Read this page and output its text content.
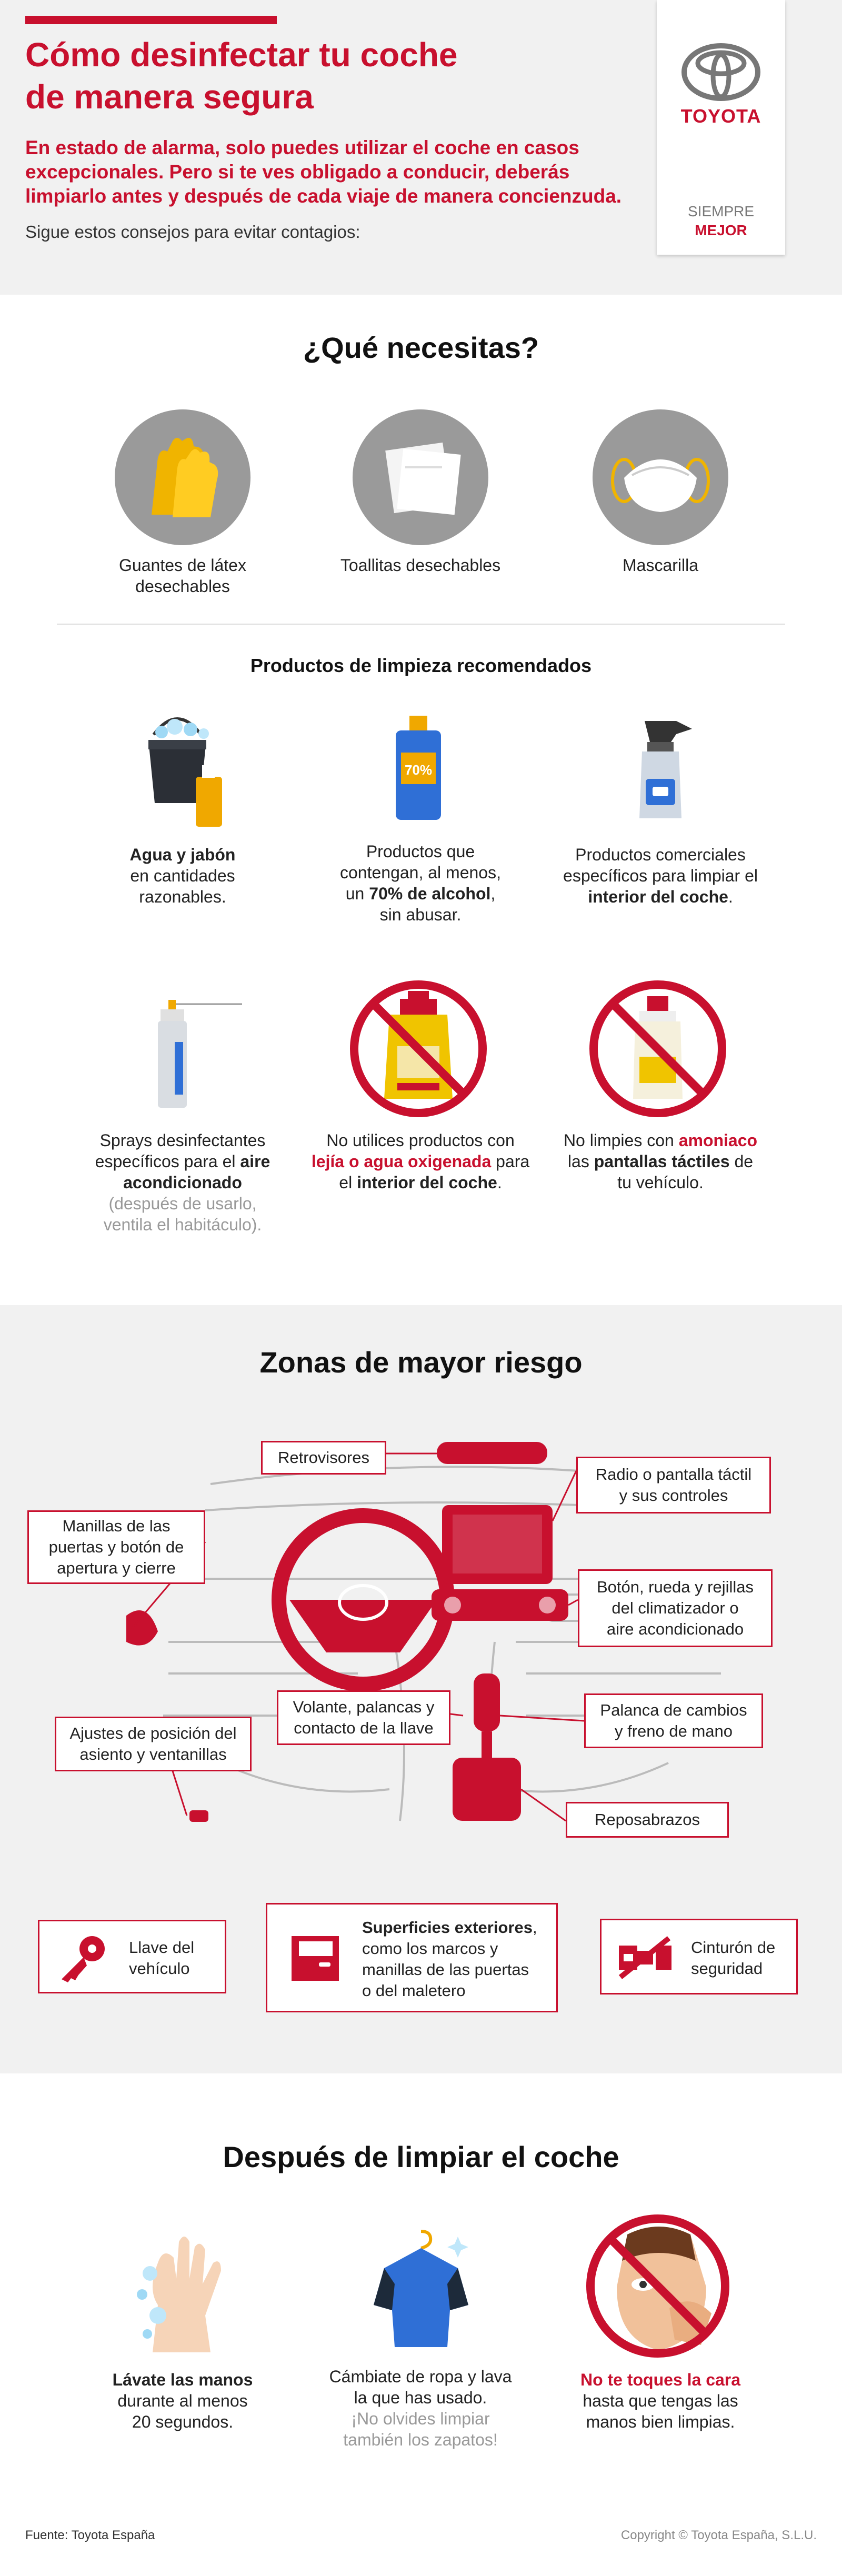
Cómo desinfectar tu coche
de manera segura
En estado de alarma, solo puedes utilizar el coche en casos
excepcionales. Pero si te ves obligado a conducir, deberás
limpiarlo antes y después de cada viaje de manera concienzuda.
Sigue estos consejos para evitar contagios:
TOYOTA
SIEMPRE
MEJOR
¿Qué necesitas?
Guantes de látex
desechables
Toallitas desechables	Mascarilla
Productos de limpieza recomendados
70%
Agua y jabón
en cantidades
razonables.
Productos que
contengan, al menos,
un 70% de alcohol,
sin abusar.
Productos comerciales
específicos para limpiar el
interior del coche.
Sprays desinfectantes
específicos para el aire
acondicionado
(después de usarlo,
ventila el habitáculo).
No utilices productos con
lejía o agua oxigenada para
el interior del coche.
No limpies con amoniaco
las pantallas táctiles de
tu vehículo.
Zonas de mayor riesgo
Retrovisores
Radio o pantalla táctil
y sus controles
Manillas de las
puertas y botón de
apertura y cierre
Botón, rueda y rejillas
del climatizador o
aire acondicionado
Volante, palancas y
contacto de la llave
Palanca de cambios
y freno de mano
Ajustes de posición del
asiento y ventanillas
Reposabrazos
Llave del
vehículo
Superficies exteriores,
como los marcos y
manillas de las puertas
o del maletero
Cinturón de
seguridad
Después de limpiar el coche
Lávate las manos
durante al menos
20 segundos.
Cámbiate de ropa y lava
la que has usado.
¡No olvides limpiar
también los zapatos!
No te toques la cara
hasta que tengas las
manos bien limpias.
Fuente: Toyota España	Copyright © Toyota España, S.L.U.
